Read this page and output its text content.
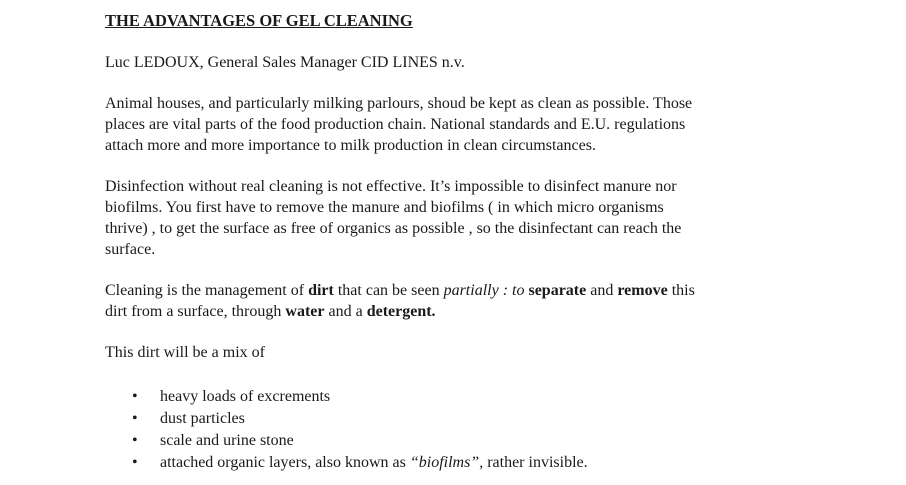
THE ADVANTAGES OF GEL CLEANING

Luc LEDOUX, General Sales Manager CID LINES n.v.

Animal houses, and particularly milking parlours, shoud be kept as clean as possible. Those
places are vital parts of the food production chain. National standards and E.U. regulations
attach more and more importance to milk production in clean circumstances.

Disinfection without real cleaning is not effective. It’s impossible to disinfect manure nor
biofilms. You first have to remove the manure and biofilms ( in which micro organisms
thrive) , to get the surface as free of organics as possible , so the disinfectant can reach the
surface.

Cleaning is the management of dirt that can be seen partially : to separate and remove this
dirt from a surface, through water and a detergent.

This dirt will be a mix of

• heavy loads of excrements
• dust particles
• scale and urine stone
• attached organic layers, also known as “biofilms”, rather invisible.
